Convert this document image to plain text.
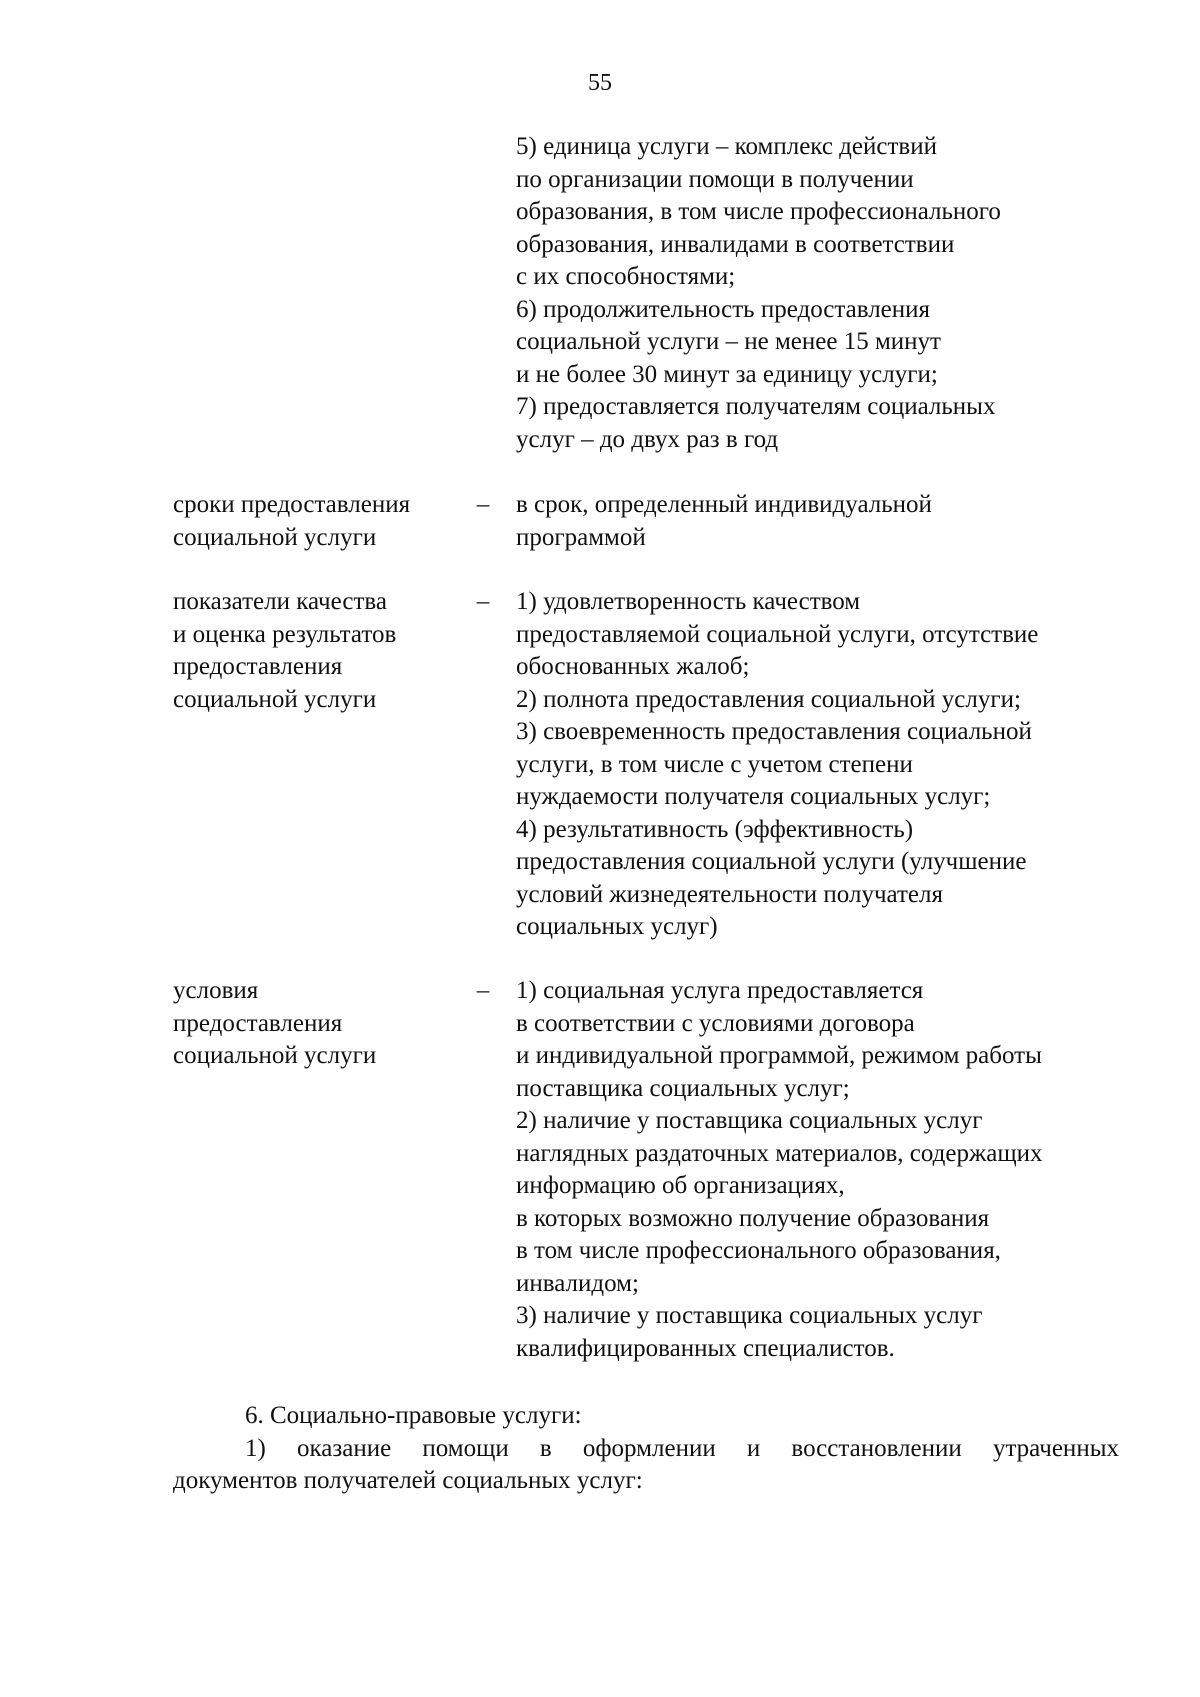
55
5) единица услуги – комплекс действий
по организации помощи в получении
образования, в том числе профессионального
образования, инвалидами в соответствии
с их способностями;
6) продолжительность предоставления
социальной услуги – не менее 15 минут
и не более 30 минут за единицу услуги;
7) предоставляется получателям социальных
услуг – до двух раз в год
сроки предоставления
социальной услуги
–	в срок, определенный индивидуальной
программой
показатели качества
и оценка результатов
предоставления
социальной услуги
–	1) удовлетворенность качеством
предоставляемой социальной услуги, отсутствие
обоснованных жалоб;
2) полнота предоставления социальной услуги;
3) своевременность предоставления социальной
услуги, в том числе с учетом степени
нуждаемости получателя социальных услуг;
4) результативность (эффективность)
предоставления социальной услуги (улучшение
условий жизнедеятельности получателя
социальных услуг)
условия
предоставления
социальной услуги
–	1) социальная услуга предоставляется
в соответствии с условиями договора
и индивидуальной программой, режимом работы
поставщика социальных услуг;
2) наличие у поставщика социальных услуг
наглядных раздаточных материалов, содержащих
информацию об организациях,
в которых возможно получение образования
в том числе профессионального образования,
инвалидом;
3) наличие у поставщика социальных услуг
квалифицированных специалистов.
6. Социально-правовые услуги:
1) оказание помощи в оформлении и восстановлении утраченных
документов получателей социальных услуг:
